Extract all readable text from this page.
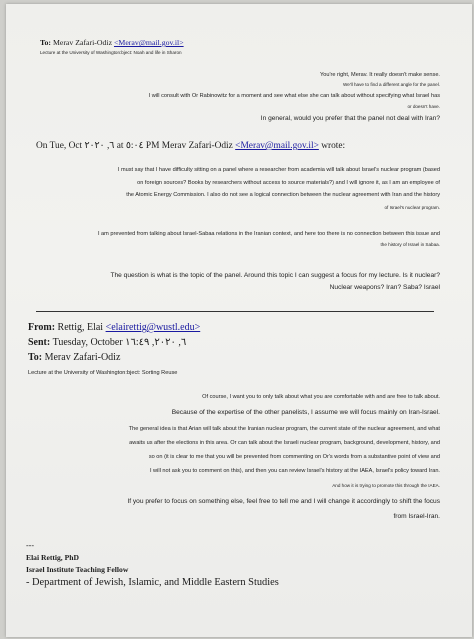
To: Merav Zafari-Odiz <Merav@mail.gov.il>
Lecture at the University of Washington:bject: Noah and life in Sharon
You're right, Merav. It really doesn't make sense.
We'll have to find a different angle for the panel.
I will consult with Or Rabinowitz for a moment and see what else she can talk about without specifying what Israel has
or doesn't have.
In general, would you prefer that the panel not deal with Iran?
On Tue, Oct ٦, ٢٠٢٠ at ٥:٠٤ PM Merav Zafari-Odiz <Merav@mail.gov.il> wrote:
I must say that I have difficulty sitting on a panel where a researcher from academia will talk about Israel's nuclear program (based
on foreign sources? Books by researchers without access to source materials?) and I will ignore it, as I am an employee of
the Atomic Energy Commission. I also do not see a logical connection between the nuclear agreement with Iran and the history
of Israel's nuclear program.
I am prevented from talking about Israel-Sabaa relations in the Iranian context, and here too there is no connection between this issue and
the history of Israel in Sabaa.
The question is what is the topic of the panel. Around this topic I can suggest a focus for my lecture. Is it nuclear?
Nuclear weapons? Iran? Saba? Israel
From: Rettig, Elai <elairettig@wustl.edu>
Sent: Tuesday, October ٦, ٢٠٢٠, ١٦:٤٩
To: Merav Zafari-Odiz
Lecture at the University of Washington:bject: Sorting Reuse
Of course, I want you to only talk about what you are comfortable with and are free to talk about.
Because of the expertise of the other panelists, I assume we will focus mainly on Iran-Israel.
The general idea is that Arian will talk about the Iranian nuclear program, the current state of the nuclear agreement, and what
awaits us after the elections in this area. Or can talk about the Israeli nuclear program, background, development, history, and
so on (it is clear to me that you will be prevented from commenting on Or's words from a substantive point of view and
I will not ask you to comment on this), and then you can review Israel's history at the IAEA, Israel's policy toward Iran.
And how it is trying to promote this through the IAEA.
If you prefer to focus on something else, feel free to tell me and I will change it accordingly to shift the focus
from Israel-Iran.
---
Elai Rettig, PhD
Israel Institute Teaching Fellow
- Department of Jewish, Islamic, and Middle Eastern Studies
